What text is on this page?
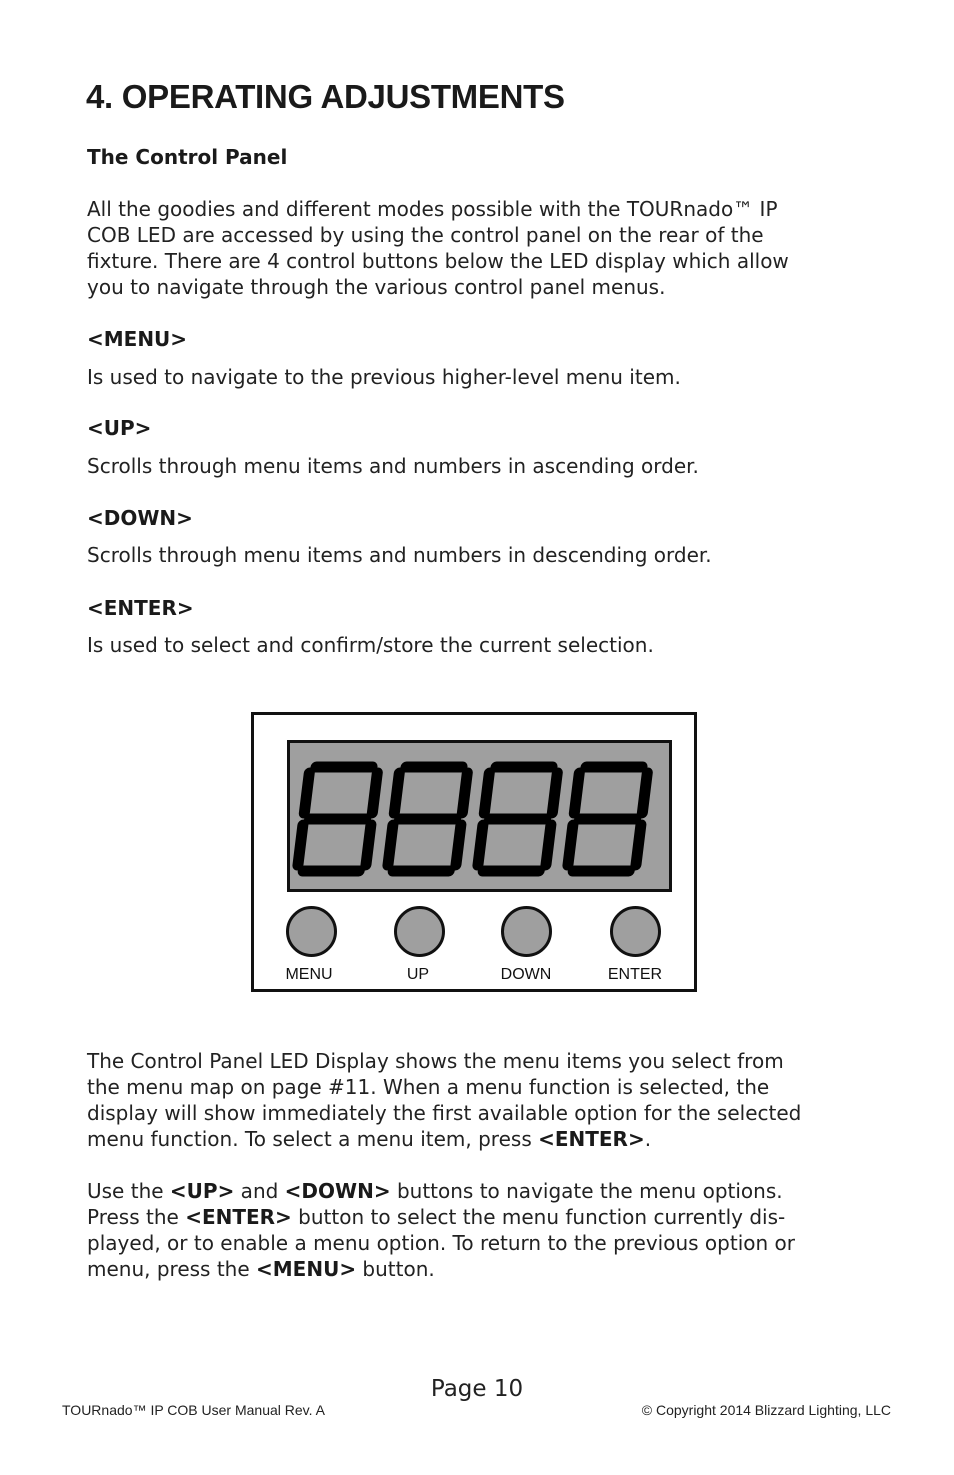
4. OPERATING ADJUSTMENTS
The Control Panel
All the goodies and different modes possible with the TOURnado™ IP
COB LED are accessed by using the control panel on the rear of the
fixture. There are 4 control buttons below the LED display which allow
you to navigate through the various control panel menus.
<MENU>
Is used to navigate to the previous higher-level menu item.
<UP>
Scrolls through menu items and numbers in ascending order.
<DOWN>
Scrolls through menu items and numbers in descending order.
<ENTER>
Is used to select and confirm/store the current selection.
MENU	UP	DOWN	ENTER
The Control Panel LED Display shows the menu items you select from
the menu map on page #11. When a menu function is selected, the
display will show immediately the first available option for the selected
menu function. To select a menu item, press <ENTER>.
Use the <UP> and <DOWN> buttons to navigate the menu options.
Press the <ENTER> button to select the menu function currently dis-
played, or to enable a menu option. To return to the previous option or
menu, press the <MENU> button.
Page 10
TOURnado™ IP COB User Manual Rev. A	© Copyright 2014 Blizzard Lighting, LLC
